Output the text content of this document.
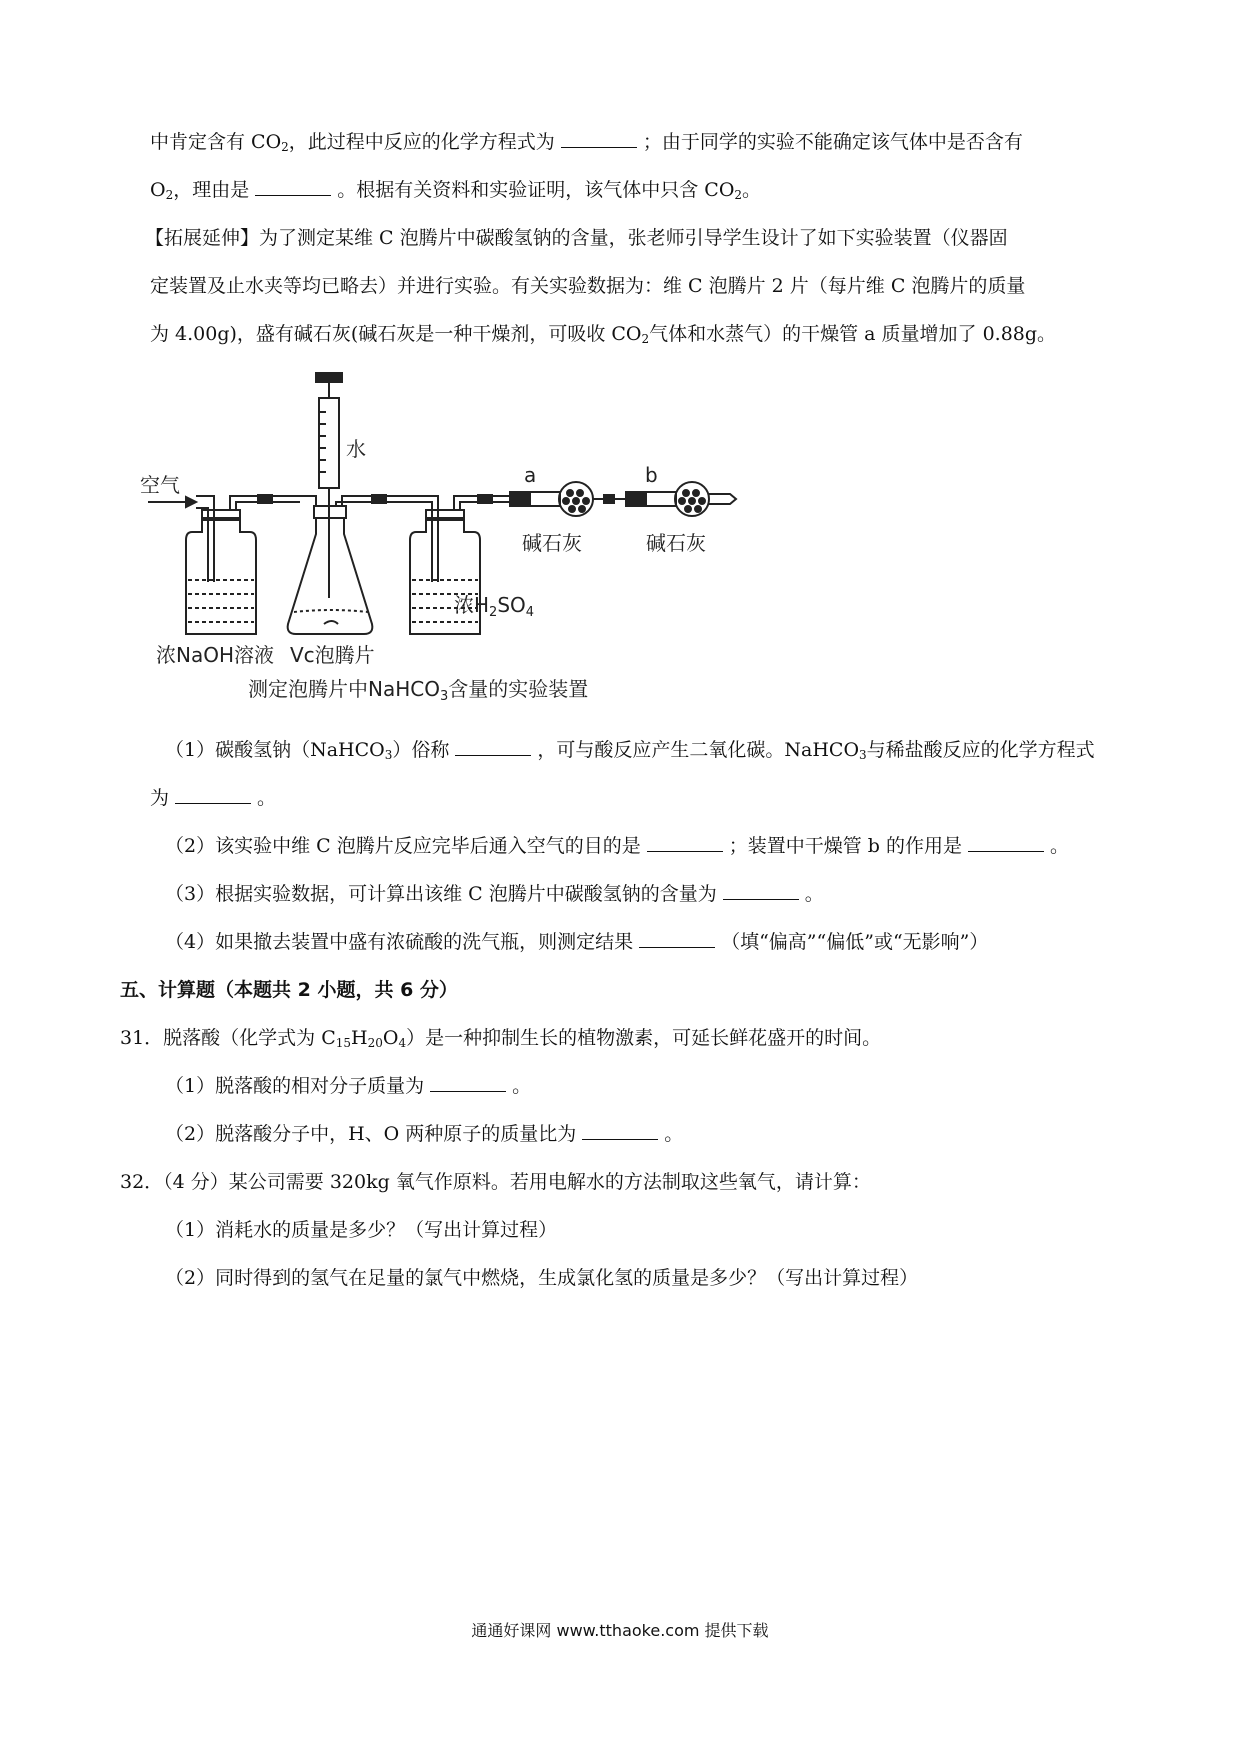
中肯定含有 $CO_2$，此过程中反应的化学方程式为	；由于同学的实验不能确定该气体中是否含有
$O_2$，理由是	。根据有关资料和实验证明，该气体中只含 $CO_2$。
【拓展延伸】为了测定某维 C 泡腾片中碳酸氢钠的含量，张老师引导学生设计了如下实验装置（仪器固
定装置及止水夹等均已略去）并进行实验。有关实验数据为：维 C 泡腾片 2 片（每片维 C 泡腾片的质量
为 4.00g)，盛有碱石灰(碱石灰是一种干燥剂，可吸收 $CO_2$气体和水蒸气）的干燥管 a 质量增加了 0.88g。
空气
水
a	b
碱石灰	碱石灰
浓NaOH溶液 Vc泡腾片
浓$H_2SO_4$
测定泡腾片中NaHCO$_3$含量的实验装置
（1）碳酸氢钠（NaHCO$_3$）俗称	，可与酸反应产生二氧化碳。NaHCO$_3$与稀盐酸反应的化学方程式
为	。
（2）该实验中维 C 泡腾片反应完毕后通入空气的目的是	；装置中干燥管 b 的作用是	。
（3）根据实验数据，可计算出该维 C 泡腾片中碳酸氢钠的含量为	。
（4）如果撤去装置中盛有浓硫酸的洗气瓶，则测定结果	（填“偏高”“偏低”或“无影响”）
五、计算题（本题共 2 小题，共 6 分）
31．脱落酸（化学式为 $C_{15}H_{20}O_4$）是一种抑制生长的植物激素，可延长鲜花盛开的时间。
（1）脱落酸的相对分子质量为	。
（2）脱落酸分子中，H、O 两种原子的质量比为	。
32．（4 分）某公司需要 320kg 氧气作原料。若用电解水的方法制取这些氧气，请计算：
（1）消耗水的质量是多少？（写出计算过程）
（2）同时得到的氢气在足量的氯气中燃烧，生成氯化氢的质量是多少？（写出计算过程）
通通好课网 www.tthaoke.com 提供下载
